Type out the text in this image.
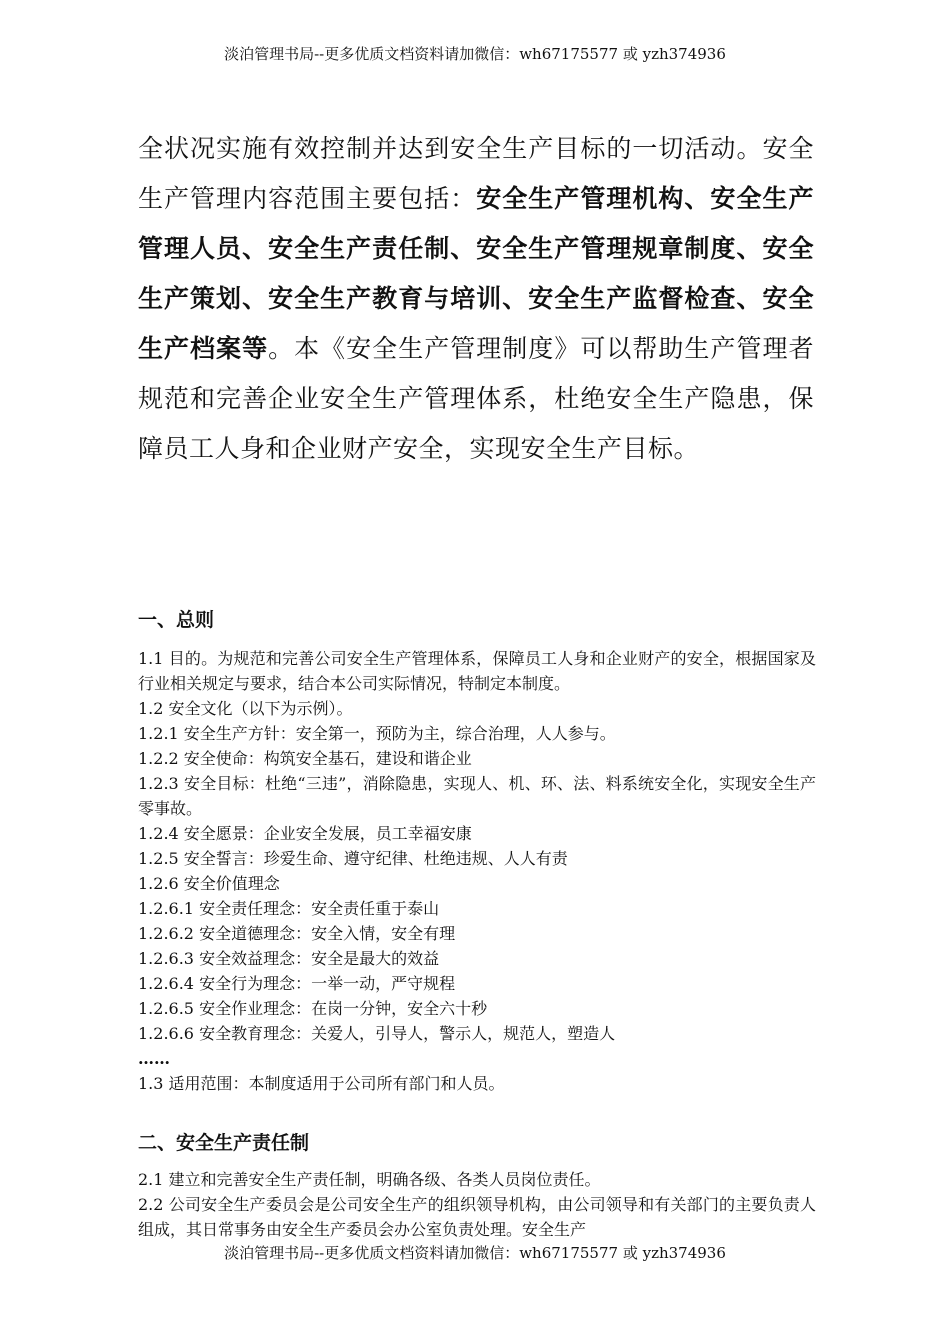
淡泊管理书局--更多优质文档资料请加微信：wh67175577 或 yzh374936
全状况实施有效控制并达到安全生产目标的一切活动。安全生产管理内容范围主要包括：安全生产管理机构、安全生产管理人员、安全生产责任制、安全生产管理规章制度、安全生产策划、安全生产教育与培训、安全生产监督检查、安全生产档案等。本《安全生产管理制度》可以帮助生产管理者规范和完善企业安全生产管理体系，杜绝安全生产隐患，保障员工人身和企业财产安全，实现安全生产目标。
一、总则
1.1 目的。为规范和完善公司安全生产管理体系，保障员工人身和企业财产的安全，根据国家及行业相关规定与要求，结合本公司实际情况，特制定本制度。
1.2 安全文化（以下为示例）。
1.2.1 安全生产方针：安全第一，预防为主，综合治理，人人参与。
1.2.2 安全使命：构筑安全基石，建设和谐企业
1.2.3 安全目标：杜绝“三违”，消除隐患，实现人、机、环、法、料系统安全化，实现安全生产零事故。
1.2.4 安全愿景：企业安全发展，员工幸福安康
1.2.5 安全誓言：珍爱生命、遵守纪律、杜绝违规、人人有责
1.2.6 安全价值理念
1.2.6.1 安全责任理念：安全责任重于泰山
1.2.6.2 安全道德理念：安全入情，安全有理
1.2.6.3 安全效益理念：安全是最大的效益
1.2.6.4 安全行为理念：一举一动，严守规程
1.2.6.5 安全作业理念：在岗一分钟，安全六十秒
1.2.6.6 安全教育理念：关爱人，引导人，警示人，规范人，塑造人
……
1.3 适用范围：本制度适用于公司所有部门和人员。
二、安全生产责任制
2.1 建立和完善安全生产责任制，明确各级、各类人员岗位责任。
2.2 公司安全生产委员会是公司安全生产的组织领导机构，由公司领导和有关部门的主要负责人组成，其日常事务由安全生产委员会办公室负责处理。安全生产
淡泊管理书局--更多优质文档资料请加微信：wh67175577 或 yzh374936
